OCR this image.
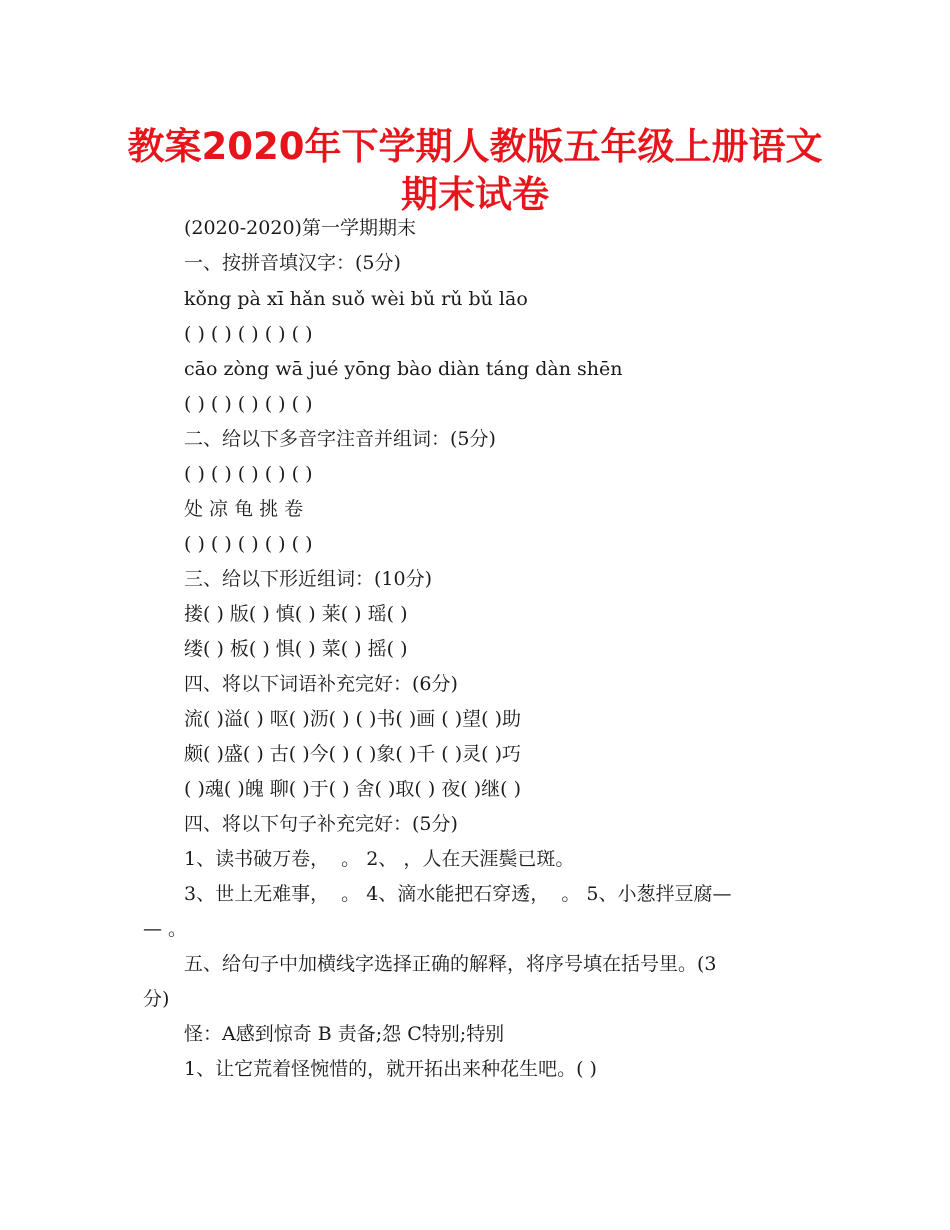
教案2020年下学期人教版五年级上册语文
期末试卷
(2020-2020)第一学期期末
一、按拼音填汉字：(5分)
kǒng pà xī hǎn suǒ wèi bǔ rǔ bǔ lāo
( ) ( ) ( ) ( ) ( )
cāo zòng wā jué yōng bào diàn táng dàn shēn
( ) ( ) ( ) ( ) ( )
二、给以下多音字注音并组词：(5分)
( ) ( ) ( ) ( ) ( )
处 凉 龟 挑 卷
( ) ( ) ( ) ( ) ( )
三、给以下形近组词：(10分)
搂( ) 版( ) 慎( ) 莱( ) 瑶( )
缕( ) 板( ) 惧( ) 菜( ) 摇( )
四、将以下词语补充完好：(6分)
流( )溢( ) 呕( )沥( ) ( )书( )画 ( )望( )助
颇( )盛( ) 古( )今( ) ( )象( )千 ( )灵( )巧
( )魂( )魄 聊( )于( ) 舍( )取( ) 夜( )继( )
四、将以下句子补充完好：(5分)
1、读书破万卷，  。 2、 ，人在天涯鬓已斑。
3、世上无难事，  。 4、滴水能把石穿透，  。 5、小葱拌豆腐—
— 。
五、给句子中加横线字选择正确的解释，将序号填在括号里。(3
分)
怪：A感到惊奇 B 责备;怨 C特别;特别
1、让它荒着怪惋惜的，就开拓出来种花生吧。( )
